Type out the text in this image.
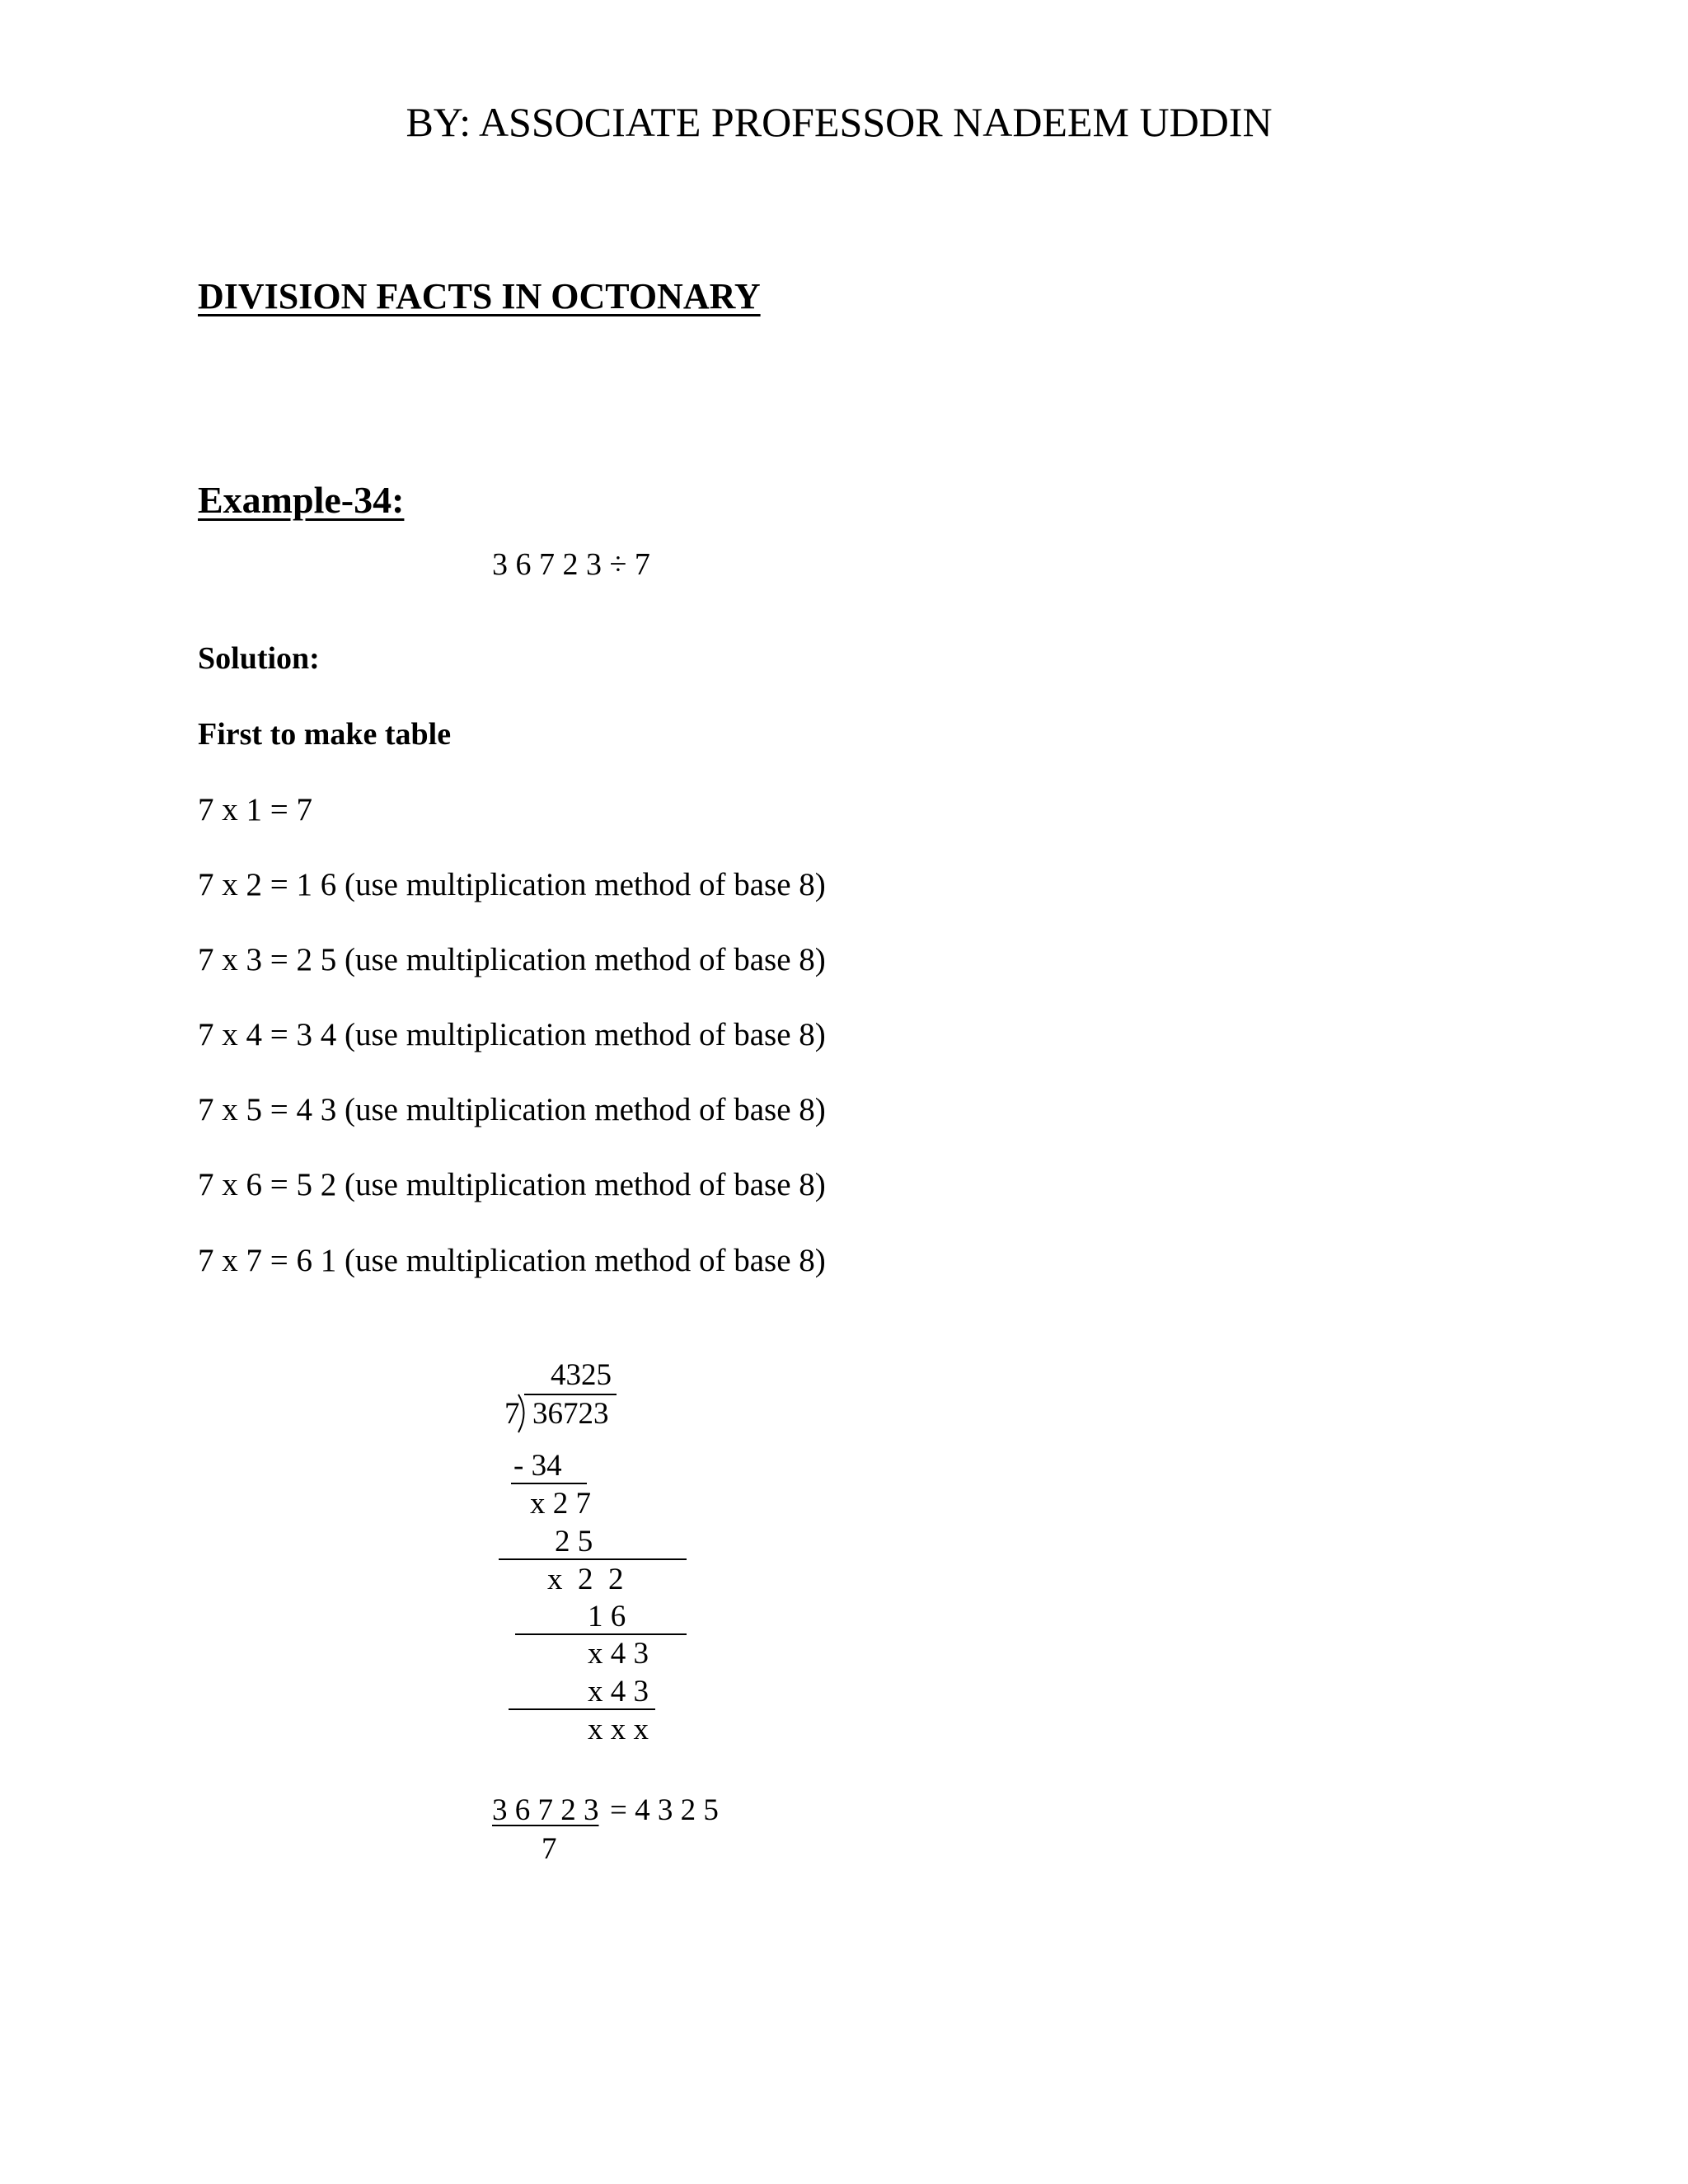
BY: ASSOCIATE PROFESSOR NADEEM UDDIN
DIVISION FACTS IN OCTONARY
Example-34:
3 6 7 2 3 ÷ 7
Solution:
First to make table
7 x 1 = 7
7 x 2 = 1 6 (use multiplication method of base 8)
7 x 3 = 2 5 (use multiplication method of base 8)
7 x 4 = 3 4 (use multiplication method of base 8)
7 x 5 = 4 3 (use multiplication method of base 8)
7 x 6 = 5 2 (use multiplication method of base 8)
7 x 7 = 6 1 (use multiplication method of base 8)
4325
7 36723
- 34
x 2 7
2 5
x  2  2
1 6
x 4 3
x 4 3
x x x
3 6 7 2 3 = 4 3 2 5
7
